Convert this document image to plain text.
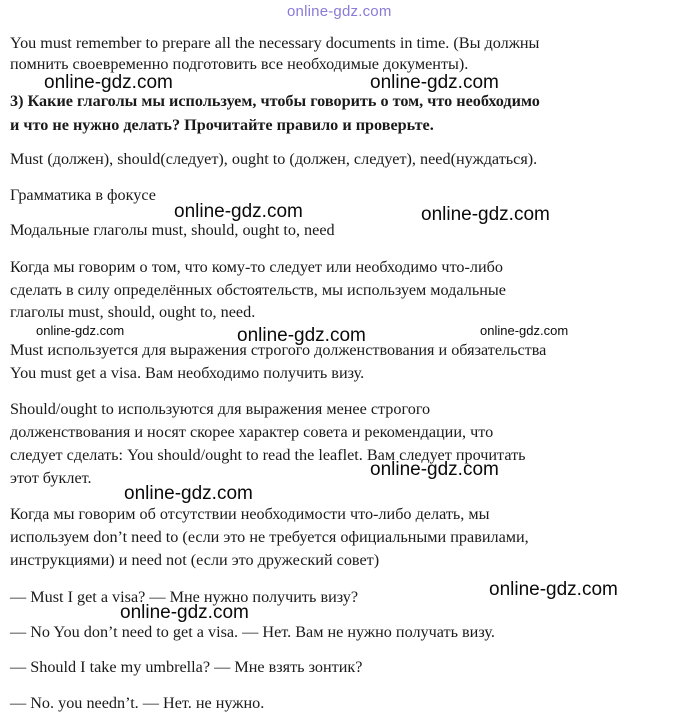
online-gdz.com
You must remember to prepare all the necessary documents in time. (Вы должны
помнить своевременно подготовить все необходимые документы).
online-gdz.com	online-gdz.com
3) Какие глаголы мы используем, чтобы говорить о том, что необходимо
и что не нужно делать? Прочитайте правило и проверьте.
Must (должен), should(следует), ought to (должен, следует), need(нуждаться).
Грамматика в фокусе
online-gdz.com	online-gdz.com
Модальные глаголы must, should, ought to, need
Когда мы говорим о том, что кому-то следует или необходимо что-либо
сделать в силу определённых обстоятельств, мы используем модальные
глаголы must, should, ought to, need.
online-gdz.com	online-gdz.com	online-gdz.com
Must используется для выражения строгого долженствования и обязательства
You must get a visa. Вам необходимо получить визу.
Should/ought to используются для выражения менее строгого
долженствования и носят скорее характер совета и рекомендации, что
следует сделать: You should/ought to read the leaflet. Вам следует прочитать
online-gdz.com
этот буклет.
online-gdz.com
Когда мы говорим об отсутствии необходимости что-либо делать, мы
используем don’t need to (если это не требуется официальными правилами,
инструкциями) и need not (если это дружеский совет)
online-gdz.com
— Must I get a visa? — Мне нужно получить визу?
online-gdz.com
— No You don’t need to get a visa. — Нет. Вам не нужно получать визу.
— Should I take my umbrella? — Мне взять зонтик?
— No. you needn’t. — Нет. не нужно.
